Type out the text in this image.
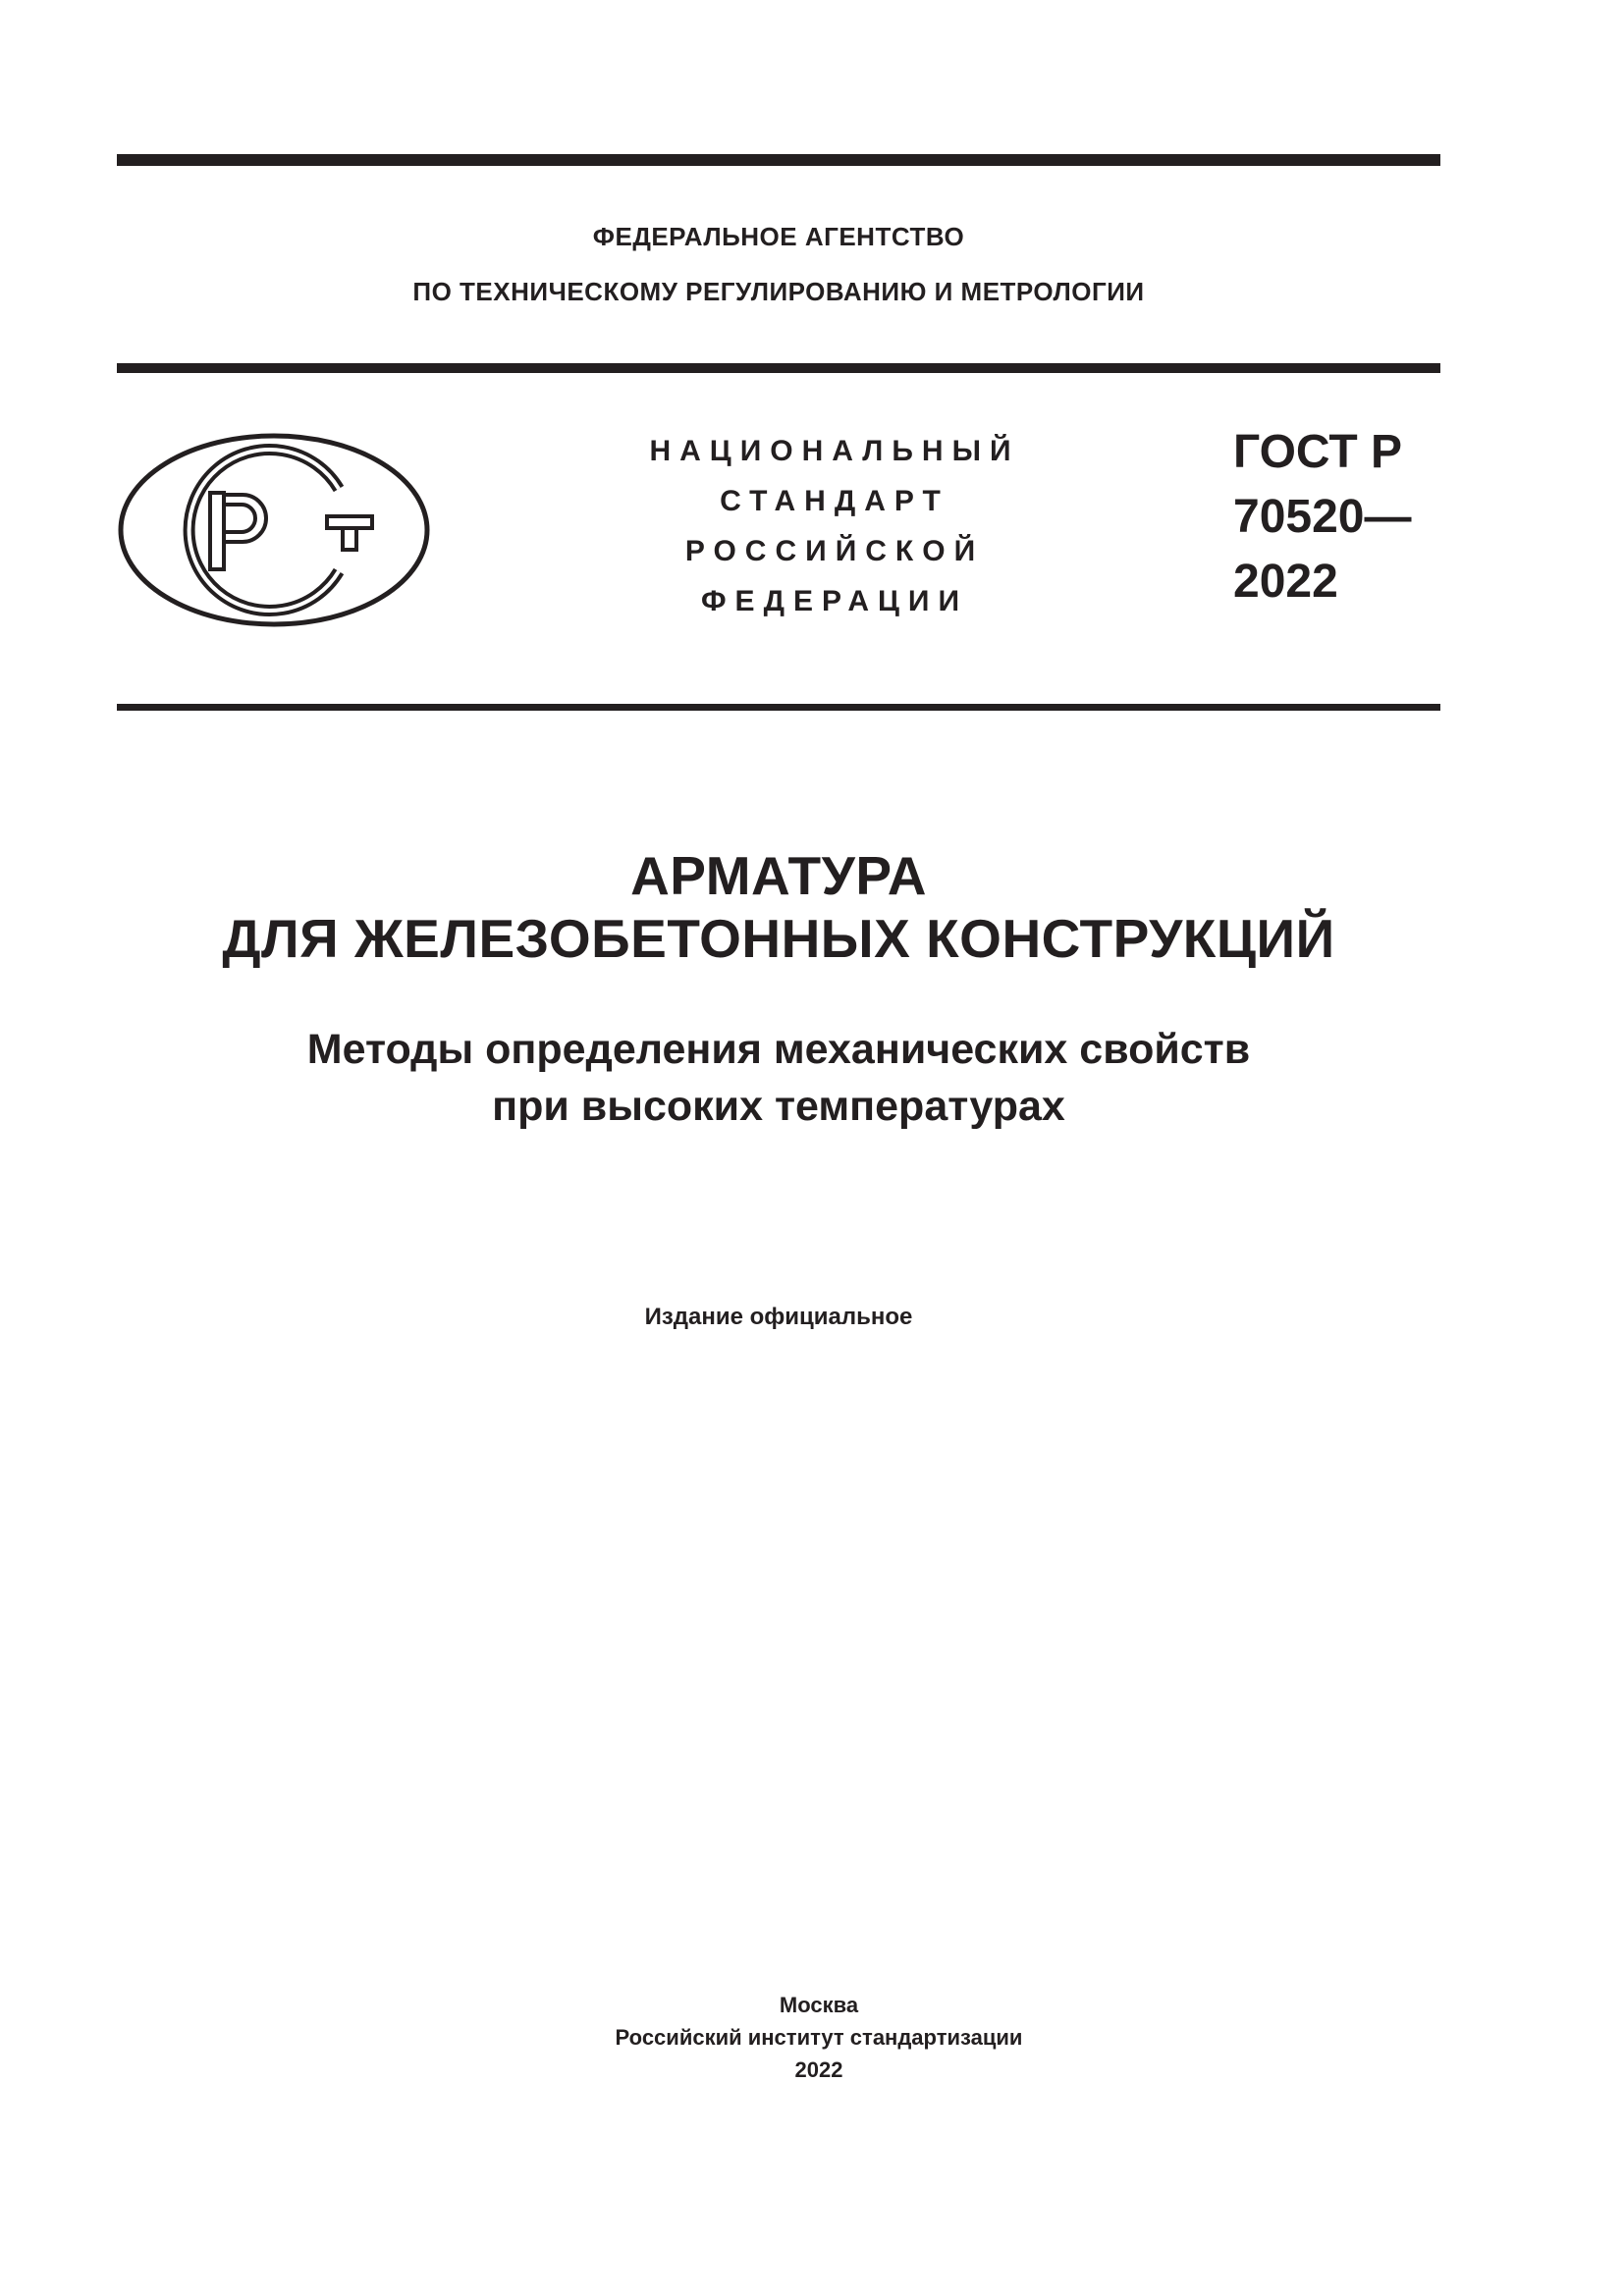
ФЕДЕРАЛЬНОЕ АГЕНТСТВО
ПО ТЕХНИЧЕСКОМУ РЕГУЛИРОВАНИЮ И МЕТРОЛОГИИ
НАЦИОНАЛЬНЫЙ
СТАНДАРТ
РОССИЙСКОЙ
ФЕДЕРАЦИИ
ГОСТ Р
70520—
2022
АРМАТУРА
ДЛЯ ЖЕЛЕЗОБЕТОННЫХ КОНСТРУКЦИЙ
Методы определения механических свойств
при высоких температурах
Издание официальное
Москва
Российский институт стандартизации
2022
